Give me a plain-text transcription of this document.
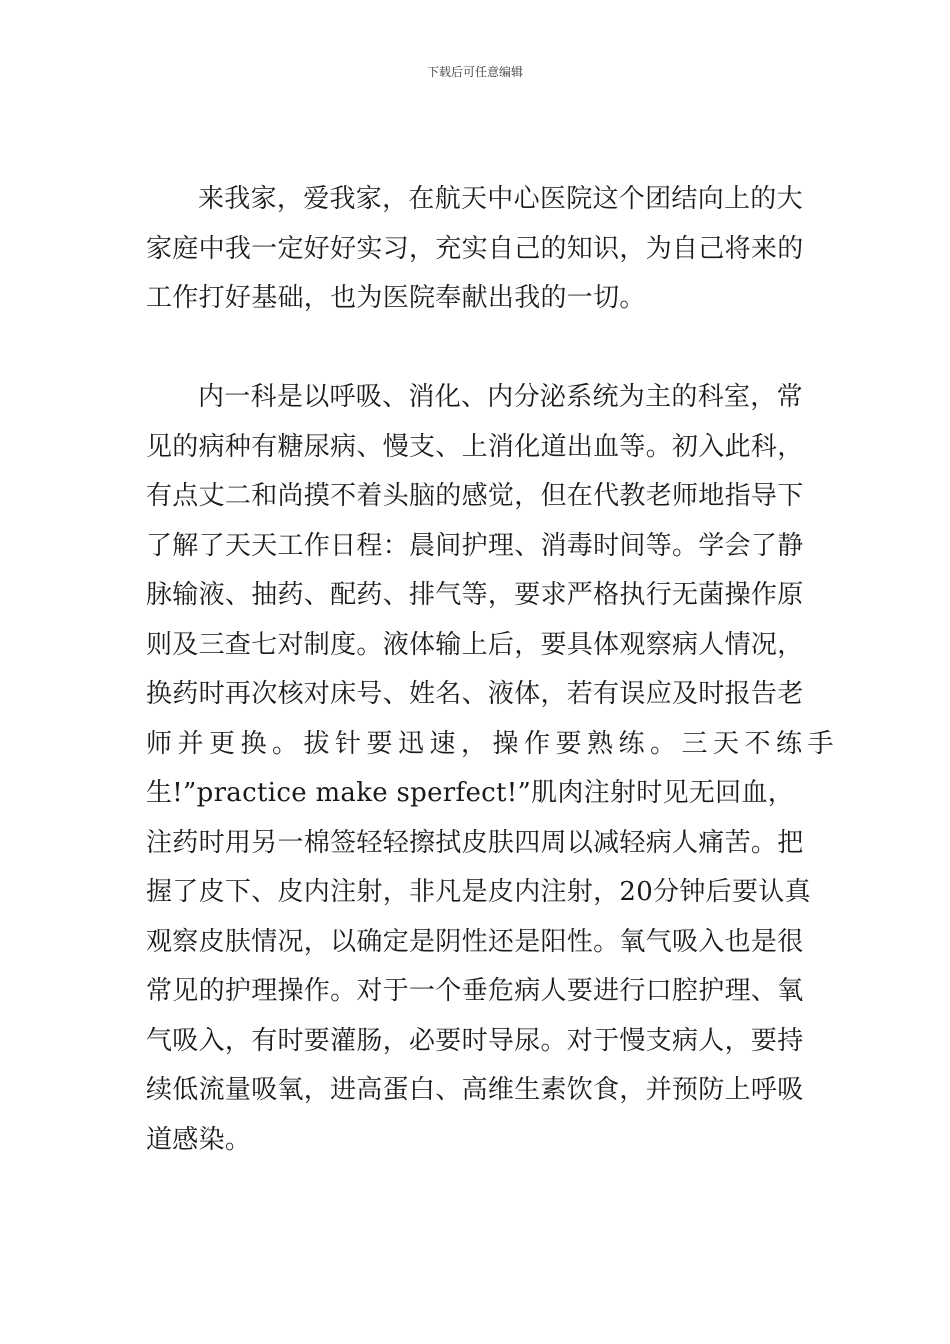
下载后可任意编辑
来我家，爱我家，在航天中心医院这个团结向上的大
家庭中我一定好好实习，充实自己的知识，为自己将来的
工作打好基础，也为医院奉献出我的一切。
内一科是以呼吸、消化、内分泌系统为主的科室，常
见的病种有糖尿病、慢支、上消化道出血等。初入此科，
有点丈二和尚摸不着头脑的感觉，但在代教老师地指导下
了解了天天工作日程：晨间护理、消毒时间等。学会了静
脉输液、抽药、配药、排气等，要求严格执行无菌操作原
则及三查七对制度。液体输上后，要具体观察病人情况，
换药时再次核对床号、姓名、液体，若有误应及时报告老
师并更换。拔针要迅速，操作要熟练。三天不练手
生!”practice make sperfect!”肌肉注射时见无回血，
注药时用另一棉签轻轻擦拭皮肤四周以减轻病人痛苦。把
握了皮下、皮内注射，非凡是皮内注射，20分钟后要认真
观察皮肤情况，以确定是阴性还是阳性。氧气吸入也是很
常见的护理操作。对于一个垂危病人要进行口腔护理、氧
气吸入，有时要灌肠，必要时导尿。对于慢支病人，要持
续低流量吸氧，进高蛋白、高维生素饮食，并预防上呼吸
道感染。
